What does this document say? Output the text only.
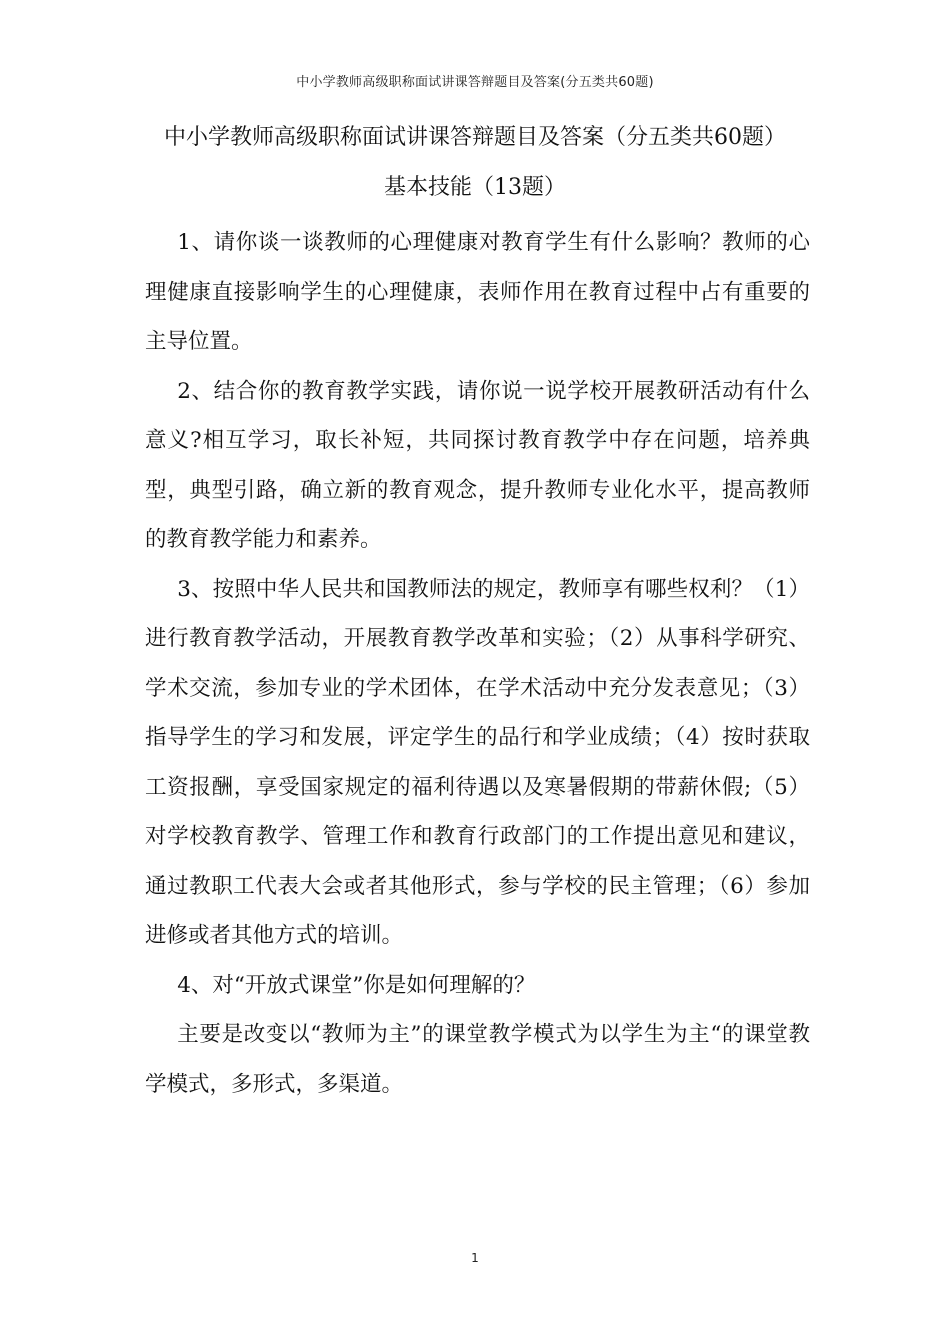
中小学教师高级职称面试讲课答辩题目及答案(分五类共60题)
中小学教师高级职称面试讲课答辩题目及答案（分五类共60题）
基本技能（13题）

1、请你谈一谈教师的心理健康对教育学生有什么影响？教师的心理健康直接影响学生的心理健康，表师作用在教育过程中占有重要的主导位置。

2、结合你的教育教学实践，请你说一说学校开展教研活动有什么意义?相互学习，取长补短，共同探讨教育教学中存在问题，培养典型，典型引路，确立新的教育观念，提升教师专业化水平，提高教师的教育教学能力和素养。

3、按照中华人民共和国教师法的规定，教师享有哪些权利？（1）进行教育教学活动，开展教育教学改革和实验；（2）从事科学研究、学术交流，参加专业的学术团体，在学术活动中充分发表意见；（3）指导学生的学习和发展，评定学生的品行和学业成绩；（4）按时获取工资报酬，享受国家规定的福利待遇以及寒暑假期的带薪休假;（5）对学校教育教学、管理工作和教育行政部门的工作提出意见和建议，通过教职工代表大会或者其他形式，参与学校的民主管理；（6）参加进修或者其他方式的培训。

4、对“开放式课堂”你是如何理解的？

主要是改变以“教师为主”的课堂教学模式为以学生为主“的课堂教学模式，多形式，多渠道。

1
